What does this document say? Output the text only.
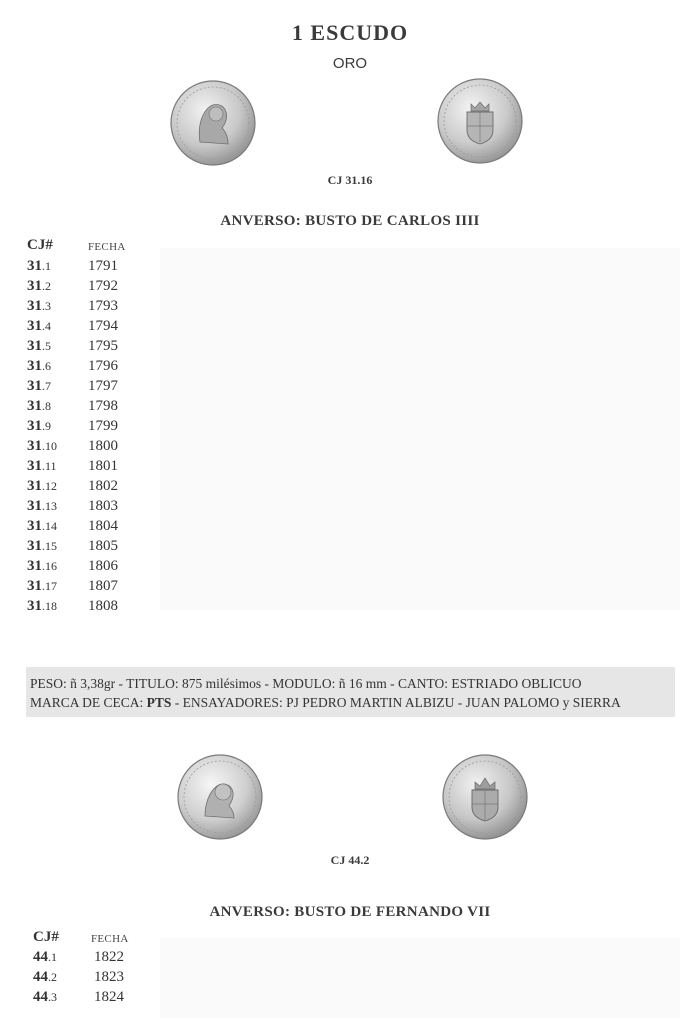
1 ESCUDO
ORO
CJ 31.16
ANVERSO: BUSTO DE CARLOS IIII
CJ#	FECHA
31.1 1791
31.2 1792
31.3 1793
31.4 1794
31.5 1795
31.6 1796
31.7 1797
31.8 1798
31.9 1799
31.10 1800
31.11 1801
31.12 1802
31.13 1803
31.14 1804
31.15 1805
31.16 1806
31.17 1807
31.18 1808
PESO: ñ 3,38gr - TITULO: 875 milésimos - MODULO: ñ 16 mm - CANTO: ESTRIADO OBLICUO
MARCA DE CECA: PTS - ENSAYADORES: PJ PEDRO MARTIN ALBIZU - JUAN PALOMO y SIERRA
CJ 44.2
ANVERSO: BUSTO DE FERNANDO VII
CJ#	FECHA
44.1 1822
44.2 1823
44.3 1824
